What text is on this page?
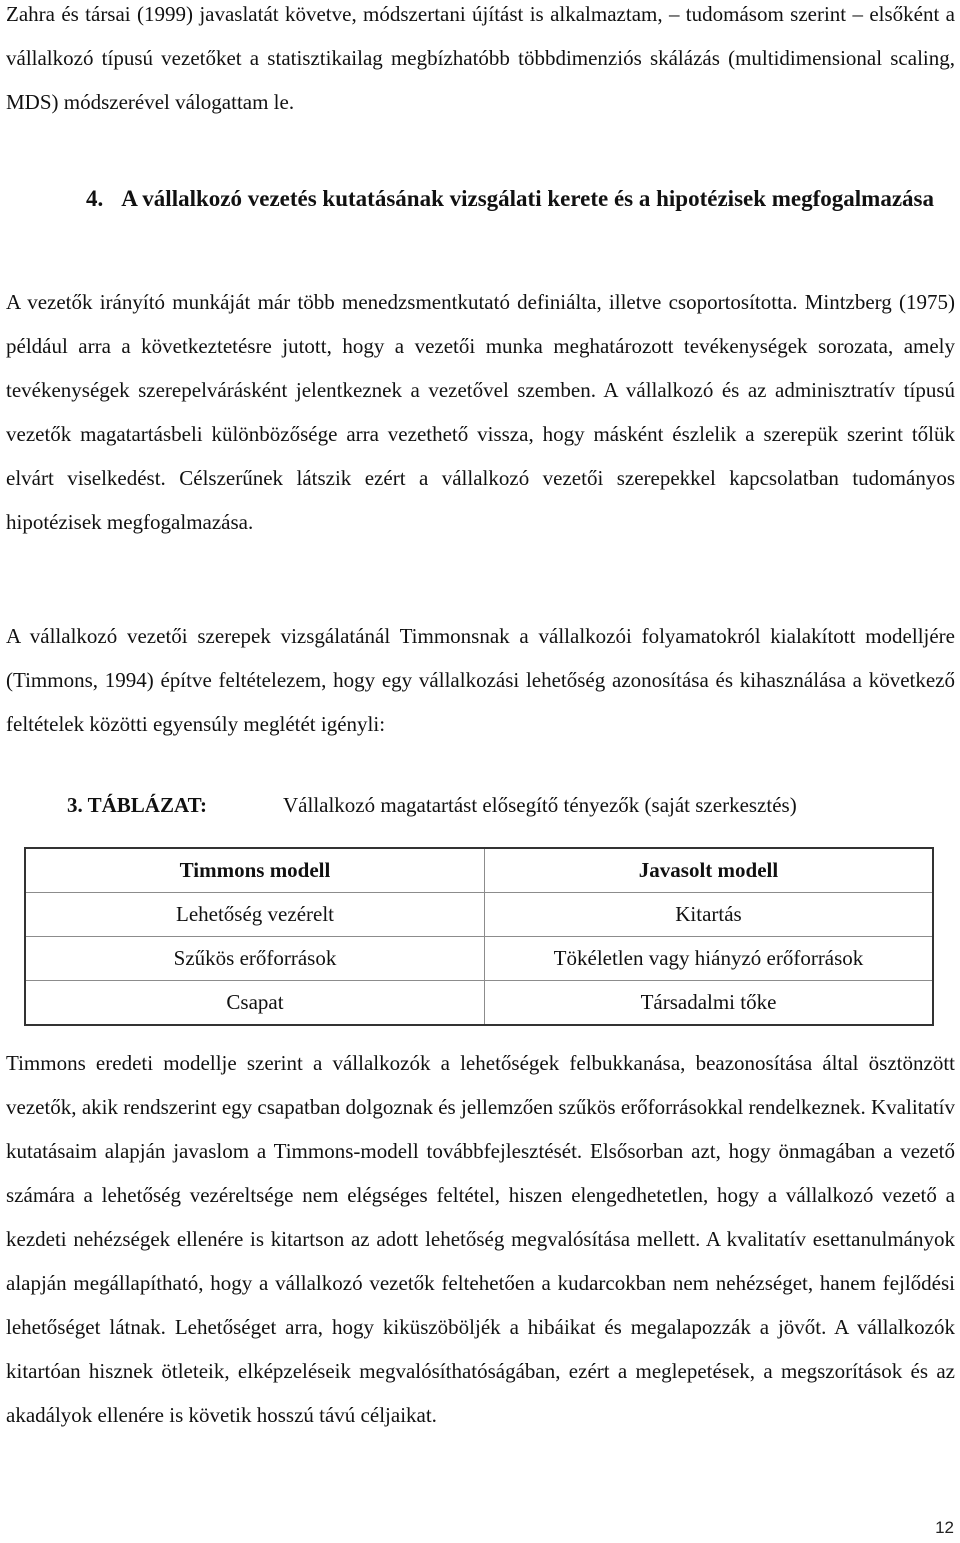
Zahra és társai (1999) javaslatát követve, módszertani újítást is alkalmaztam, – tudomásom szerint – elsőként a vállalkozó típusú vezetőket a statisztikailag megbízhatóbb többdimenziós skálázás (multidimensional scaling, MDS) módszerével válogattam le.

4. A vállalkozó vezetés kutatásának vizsgálati kerete és a hipotézisek megfogalmazása

A vezetők irányító munkáját már több menedzsmentkutató definiálta, illetve csoportosította. Mintzberg (1975) például arra a következtetésre jutott, hogy a vezetői munka meghatározott tevékenységek sorozata, amely tevékenységek szerepelvárásként jelentkeznek a vezetővel szemben. A vállalkozó és az adminisztratív típusú vezetők magatartásbeli különbözősége arra vezethető vissza, hogy másként észlelik a szerepük szerint tőlük elvárt viselkedést. Célszerűnek látszik ezért a vállalkozó vezetői szerepekkel kapcsolatban tudományos hipotézisek megfogalmazása.

A vállalkozó vezetői szerepek vizsgálatánál Timmonsnak a vállalkozói folyamatokról kialakított modelljére (Timmons, 1994) építve feltételezem, hogy egy vállalkozási lehetőség azonosítása és kihasználása a következő feltételek közötti egyensúly meglétét igényli:

3. TÁBLÁZAT:	Vállalkozó magatartást elősegítő tényezők (saját szerkesztés)
Timmons modell	Javasolt modell
Lehetőség vezérelt	Kitartás
Szűkös erőforrások	Tökéletlen vagy hiányzó erőforrások
Csapat	Társadalmi tőke

Timmons eredeti modellje szerint a vállalkozók a lehetőségek felbukkanása, beazonosítása által ösztönzött vezetők, akik rendszerint egy csapatban dolgoznak és jellemzően szűkös erőforrásokkal rendelkeznek. Kvalitatív kutatásaim alapján javaslom a Timmons-modell továbbfejlesztését. Elsősorban azt, hogy önmagában a vezető számára a lehetőség vezéreltsége nem elégséges feltétel, hiszen elengedhetetlen, hogy a vállalkozó vezető a kezdeti nehézségek ellenére is kitartson az adott lehetőség megvalósítása mellett. A kvalitatív esettanulmányok alapján megállapítható, hogy a vállalkozó vezetők feltehetően a kudarcokban nem nehézséget, hanem fejlődési lehetőséget látnak. Lehetőséget arra, hogy kiküszöböljék a hibáikat és megalapozzák a jövőt. A vállalkozók kitartóan hisznek ötleteik, elképzeléseik megvalósíthatóságában, ezért a meglepetések, a megszorítások és az akadályok ellenére is követik hosszú távú céljaikat.

12
